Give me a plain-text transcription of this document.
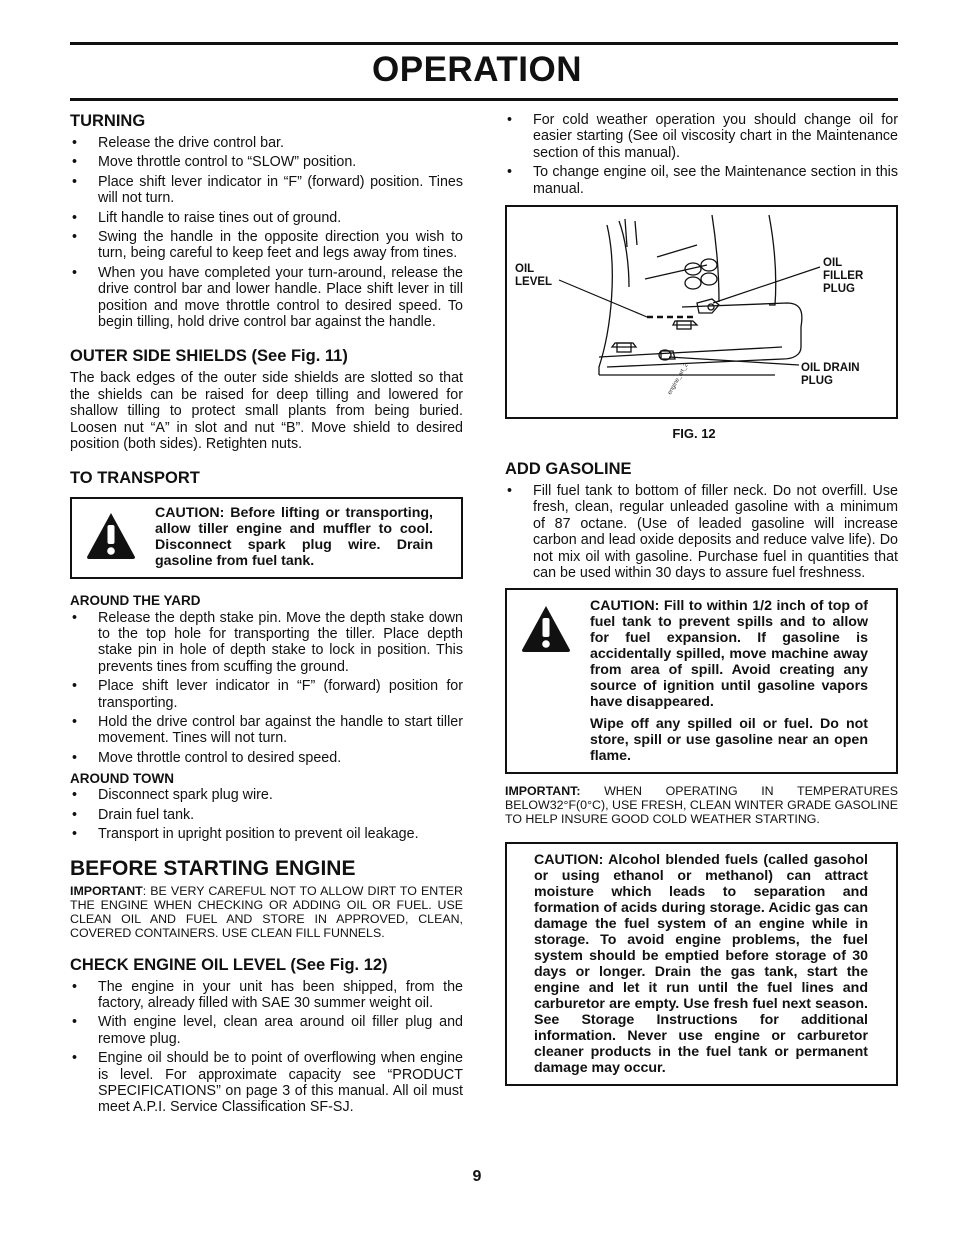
OPERATION
TURNING
• Release the drive control bar.
• Move throttle control to “SLOW” position.
• Place shift lever indicator in “F” (forward) position. Tines will not turn.
• Lift handle to raise tines out of ground.
• Swing the handle in the opposite direction you wish to turn, being careful to keep feet and legs away from tines.
• When you have completed your turn-around, release the drive control bar and lower handle. Place shift lever in till position and move throttle control to desired speed. To begin tilling, hold drive control bar against the handle.
OUTER SIDE SHIELDS (See Fig. 11)

The back edges of the outer side shields are slotted so that the shields can be raised for deep tilling and lowered for shallow tilling to protect small plants from being buried. Loosen nut “A” in slot and nut “B”. Move shield to desired position (both sides). Retighten nuts.

TO TRANSPORT
CAUTION: Before lifting or transporting, allow tiller engine and muffler to cool. Disconnect spark plug wire. Drain gasoline from fuel tank.
AROUND THE YARD
• Release the depth stake pin. Move the depth stake down to the top hole for transporting the tiller. Place depth stake pin in hole of depth stake to lock in position. This prevents tines from scuffing the ground.
• Place shift lever indicator in “F” (forward) position for transporting.
• Hold the drive control bar against the handle to start tiller movement. Tines will not turn.
• Move throttle control to desired speed.
AROUND TOWN
• Disconnect spark plug wire.
• Drain fuel tank.
• Transport in upright position to prevent oil leakage.
BEFORE STARTING ENGINE

IMPORTANT: BE VERY CAREFUL NOT TO ALLOW DIRT TO ENTER THE ENGINE WHEN CHECKING OR ADDING OIL OR FUEL. USE CLEAN OIL AND FUEL AND STORE IN APPROVED, CLEAN, COVERED CONTAINERS. USE CLEAN FILL FUNNELS.

CHECK ENGINE OIL LEVEL (See Fig. 12)
• The engine in your unit has been shipped, from the factory, already filled with SAE 30 summer weight oil.
• With engine level, clean area around oil filler plug and remove plug.
• Engine oil should be to point of overflowing when engine is level. For approximate capacity see “PRODUCT SPECIFICATIONS” on page 3 of this manual. All oil must meet A.P.I. Service Classification SF-SJ.
• For cold weather operation you should change oil for easier starting (See oil viscosity chart in the Maintenance section of this manual).
• To change engine oil, see the Maintenance section in this manual.
OIL LEVEL
OIL FILLER PLUG
OIL DRAIN PLUG
engine_art_2
FIG. 12
ADD GASOLINE
• Fill fuel tank to bottom of filler neck. Do not overfill. Use fresh, clean, regular unleaded gasoline with a minimum of 87 octane. (Use of leaded gasoline will increase carbon and lead oxide deposits and reduce valve life). Do not mix oil with gasoline. Purchase fuel in quantities that can be used within 30 days to assure fuel freshness.
CAUTION: Fill to within 1/2 inch of top of fuel tank to prevent spills and to allow for fuel expansion. If gasoline is accidentally spilled, move machine away from area of spill. Avoid creating any source of ignition until gasoline vapors have disappeared.
Wipe off any spilled oil or fuel. Do not store, spill or use gasoline near an open flame.

IMPORTANT: WHEN OPERATING IN TEMPERATURES BELOW32°F(0°C), USE FRESH, CLEAN WINTER GRADE GASOLINE TO HELP INSURE GOOD COLD WEATHER STARTING.

CAUTION: Alcohol blended fuels (called gasohol or using ethanol or methanol) can attract moisture which leads to separation and formation of acids during storage. Acidic gas can damage the fuel system of an engine while in storage. To avoid engine problems, the fuel system should be emptied before storage of 30 days or longer. Drain the gas tank, start the engine and let it run until the fuel lines and carburetor are empty. Use fresh fuel next season. See Storage Instructions for additional information. Never use engine or carburetor cleaner products in the fuel tank or permanent damage may occur.
9
